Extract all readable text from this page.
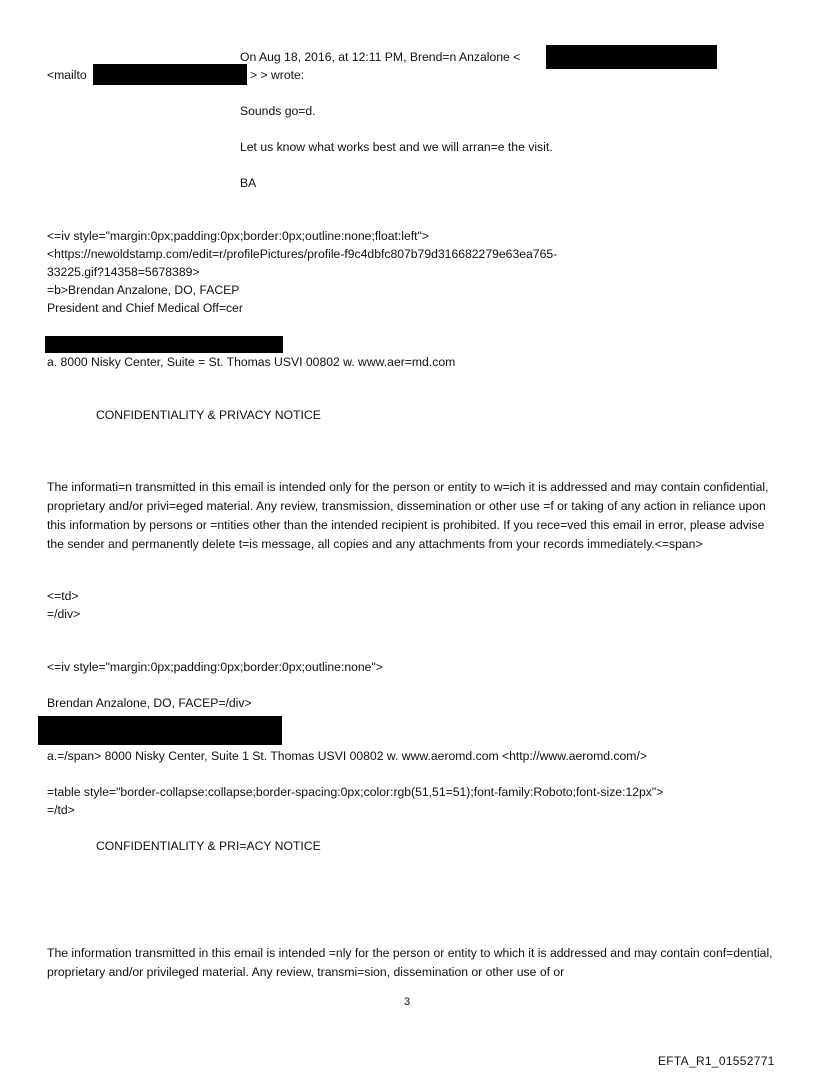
On Aug 18, 2016, at 12:11 PM, Brend=n Anzalone <
<mailto	> > wrote:
Sounds go=d.
Let us know what works best and we will arran=e the visit.
BA
<=iv style="margin:0px;padding:0px;border:0px;outline:none;float:left">
<https://newoldstamp.com/edit=r/profilePictures/profile-f9c4dbfc807b79d316682279e63ea765-
33225.gif?14358=5678389>
=b>Brendan Anzalone, DO, FACEP
President and Chief Medical Off=cer
a. 8000 Nisky Center, Suite = St. Thomas USVI 00802 w. www.aer=md.com
CONFIDENTIALITY & PRIVACY NOTICE
The informati=n transmitted in this email is intended only for the person or entity to w=ich it is addressed and may contain confidential, proprietary and/or privi=eged material. Any review, transmission, dissemination or other use =f or taking of any action in reliance upon this information by persons or =ntities other than the intended recipient is prohibited. If you rece=ved this email in error, please advise the sender and permanently delete t=is message, all copies and any attachments from your records immediately.<=span>
<=td>
=/div>
<=iv style="margin:0px;padding:0px;border:0px;outline:none">
Brendan Anzalone, DO, FACEP=/div>
a.=/span> 8000 Nisky Center, Suite 1 St. Thomas USVI 00802 w. www.aeromd.com <http://www.aeromd.com/>
=table style="border-collapse:collapse;border-spacing:0px;color:rgb(51,51=51);font-family:Roboto;font-size:12px">
=/td>
CONFIDENTIALITY & PRI=ACY NOTICE
The information transmitted in this email is intended =nly for the person or entity to which it is addressed and may contain conf=dential, proprietary and/or privileged material. Any review, transmi=sion, dissemination or other use of or
3
EFTA_R1_01552771
